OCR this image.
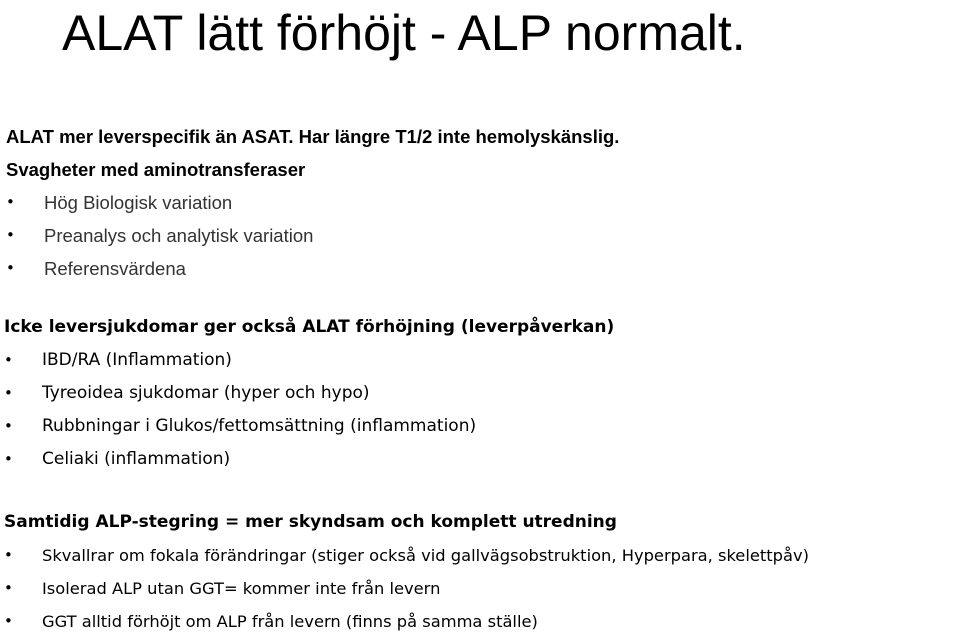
ALAT lätt förhöjt - ALP normalt.
ALAT mer leverspecifik än ASAT. Har längre T1/2 inte hemolyskänslig.
Svagheter med aminotransferaser
• Hög Biologisk variation
• Preanalys och analytisk variation
• Referensvärdena
Icke leversjukdomar ger också ALAT förhöjning (leverpåverkan)
• IBD/RA (Inflammation)
• Tyreoidea sjukdomar (hyper och hypo)
• Rubbningar i Glukos/fettomsättning (inflammation)
• Celiaki (inflammation)
Samtidig ALP-stegring = mer skyndsam och komplett utredning
• Skvallrar om fokala förändringar (stiger också vid gallvägsobstruktion, Hyperpara, skelettpåv)
• Isolerad ALP utan GGT= kommer inte från levern
• GGT alltid förhöjt om ALP från levern (finns på samma ställe)
